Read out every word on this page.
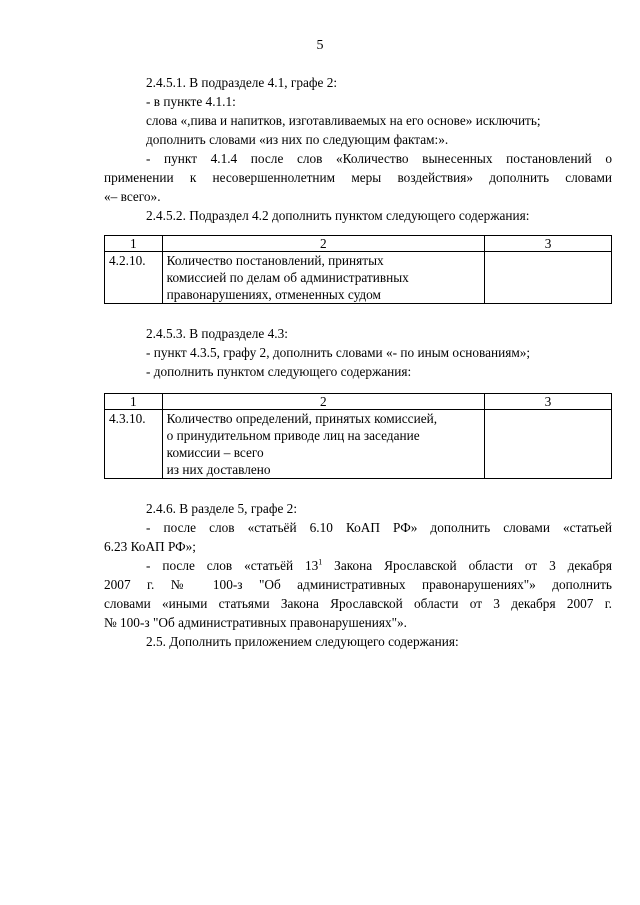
5

2.4.5.1. В подразделе 4.1, графе 2:

- в пункте 4.1.1:

слова «,пива и напитков, изготавливаемых на его основе» исключить;

дополнить словами «из них по следующим фактам:».

- пункт 4.1.4 после слов «Количество вынесенных постановлений о

применении к несовершеннолетним меры воздействия» дополнить словами

«– всего».

2.4.5.2. Подраздел 4.2 дополнить пунктом следующего содержания:

1	2	3
4.2.10.	Количество постановлений, принятых
комиссией по делам об административных
правонарушениях, отмененных судом	

2.4.5.3. В подразделе 4.3:

- пункт 4.3.5, графу 2, дополнить словами «- по иным основаниям»;

- дополнить пунктом следующего содержания:

1	2	3
4.3.10.	Количество определений, принятых комиссией,
о принудительном приводе лиц на заседание
комиссии – всего
из них доставлено	

2.4.6. В разделе 5, графе 2:

- после слов «статьёй 6.10 КоАП РФ» дополнить словами «статьей

6.23 КоАП РФ»;

- после слов «статьёй $13^1$ Закона Ярославской области от 3 декабря

2007 г. № 100-з "Об административных правонарушениях"» дополнить

словами «иными статьями Закона Ярославской области от 3 декабря 2007 г.

№ 100-з "Об административных правонарушениях"».

2.5. Дополнить приложением следующего содержания:
